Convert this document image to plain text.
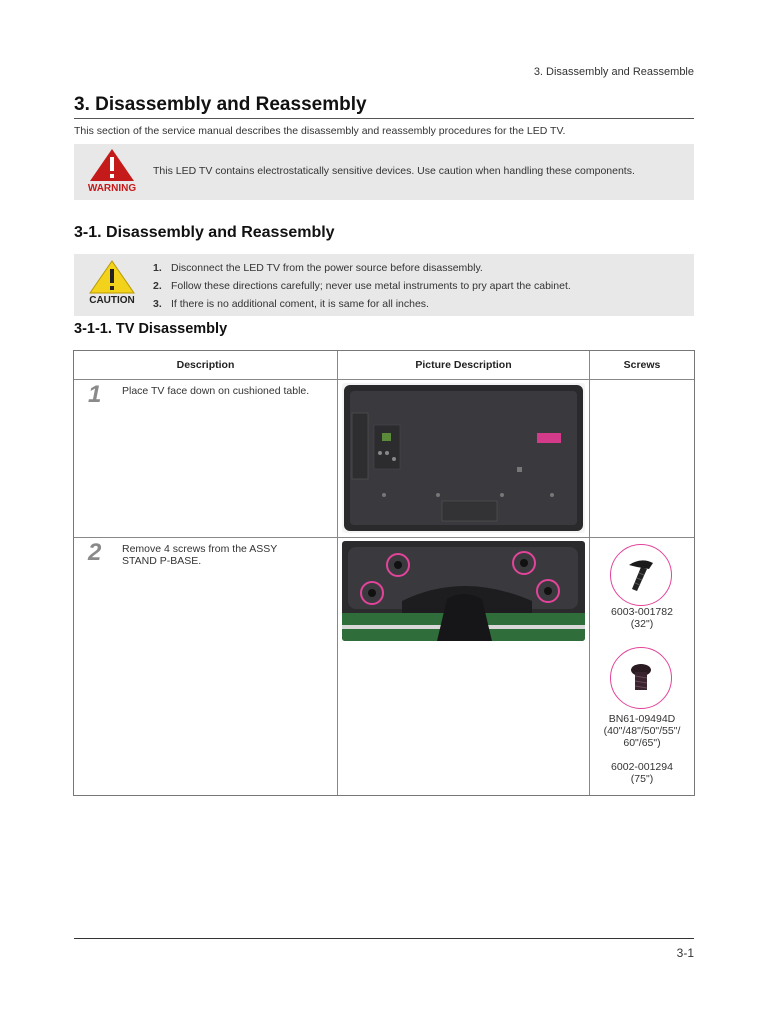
3. Disassembly and Reassemble
3. Disassembly and Reassembly
This section of the service manual describes the disassembly and reassembly procedures for the LED TV.
WARNING
This LED TV contains electrostatically sensitive devices. Use caution when handling these components.
3-1. Disassembly and Reassembly
CAUTION
1. Disconnect the LED TV from the power source before disassembly.
2. Follow these directions carefully; never use metal instruments to pry apart the cabinet.
3. If there is no additional coment, it is same for all inches.
3-1-1. TV Disassembly
Description	Picture Description	Screws
1 Place TV face down on cushioned table.
2 Remove 4 screws from the ASSY STAND P-BASE.
6003-001782
(32")
BN61-09494D
(40"/48"/50"/55"/
60"/65")

6002-001294
(75")
3-1
